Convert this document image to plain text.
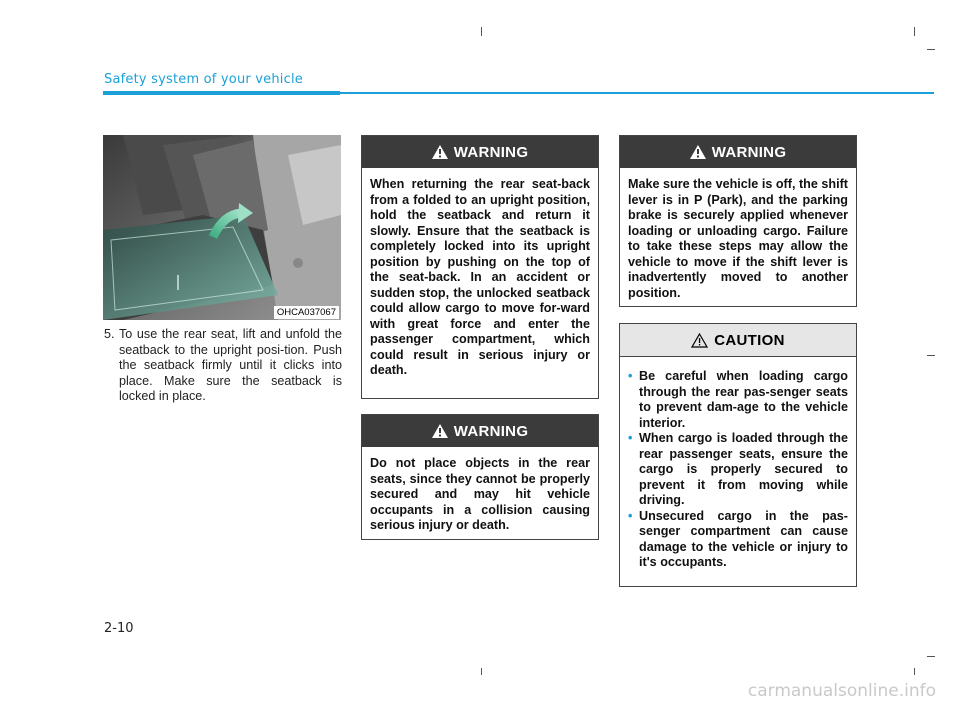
Safety system of your vehicle
OHCA037067
5. To use the rear seat, lift and unfold the seatback to the upright posi-tion. Push the seatback firmly until it clicks into place. Make sure the seatback is locked in place.
WARNING
When returning the rear seat-back from a folded to an upright position, hold the seatback and return it slowly. Ensure that the seatback is completely locked into its upright position by pushing on the top of the seat-back. In an accident or sudden stop, the unlocked seatback could allow cargo to move for-ward with great force and enter the passenger compartment, which could result in serious injury or death.
WARNING
Do not place objects in the rear seats, since they cannot be properly secured and may hit vehicle occupants in a collision causing serious injury or death.
WARNING
Make sure the vehicle is off, the shift lever is in P (Park), and the parking brake is securely applied whenever loading or unloading cargo. Failure to take these steps may allow the vehicle to move if the shift lever is inadvertently moved to another position.
CAUTION
• Be careful when loading cargo through the rear pas-senger seats to prevent dam-age to the vehicle interior.
• When cargo is loaded through the rear passenger seats, ensure the cargo is properly secured to prevent it from moving while driving.
• Unsecured cargo in the pas-senger compartment can cause damage to the vehicle or injury to it's occupants.
2-10
carmanualsonline.info
